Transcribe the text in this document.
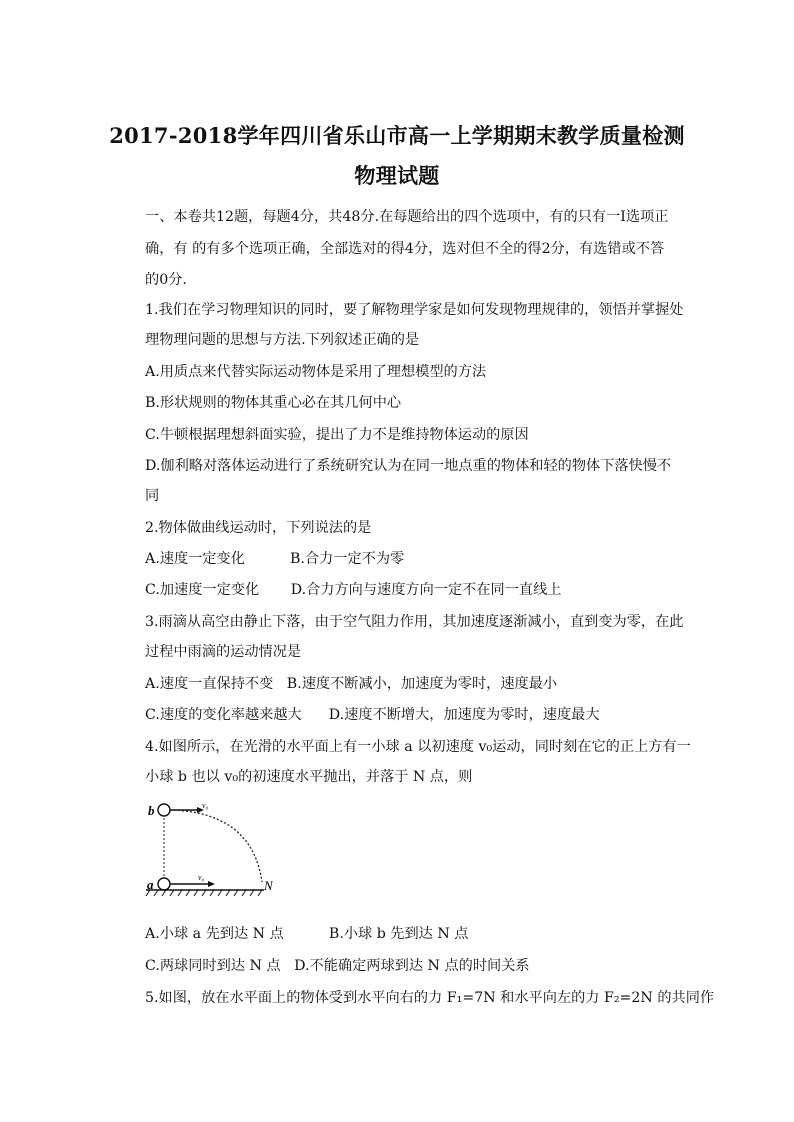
2017-2018学年四川省乐山市高一上学期期末教学质量检测
物理试题
一、本卷共12题，每题4分，共48分.在每题给出的四个选项中，有的只有一I选项正
确，有 的有多个选项正确，全部选对的得4分，选对但不全的得2分，有选错或不答
的0分.
1.我们在学习物理知识的同时，要了解物理学家是如何发现物理规律的，领悟并掌握处
理物理问题的思想与方法.下列叙述正确的是
A.用质点来代替实际运动物体是采用了理想模型的方法
B.形状规则的物体其重心必在其几何中心
C.牛顿根据理想斜面实验，提出了力不是维持物体运动的原因
D.伽利略对落体运动进行了系统研究认为在同一地点重的物体和轻的物体下落快慢不
同
2.物体做曲线运动时，下列说法的是
A.速度一定变化          B.合力一定不为零
C.加速度一定变化       D.合力方向与速度方向一定不在同一直线上
3.雨滴从高空由静止下落，由于空气阻力作用，其加速度逐渐减小，直到变为零，在此
过程中雨滴的运动情况是
A.速度一直保持不变   B.速度不断减小，加速度为零时，速度最小
C.速度的变化率越来越大      D.速度不断增大，加速度为零时，速度最大
4.如图所示，在光滑的水平面上有一小球 a 以初速度 v₀运动，同时刻在它的正上方有一
小球 b 也以 v₀的初速度水平抛出，并落于 N 点，则
b	v₀
a	v₀
N
A.小球 a 先到达 N 点          B.小球 b 先到达 N 点
C.两球同时到达 N 点   D.不能确定两球到达 N 点的时间关系
5.如图，放在水平面上的物体受到水平向右的力 F₁=7N 和水平向左的力 F₂=2N 的共同作
